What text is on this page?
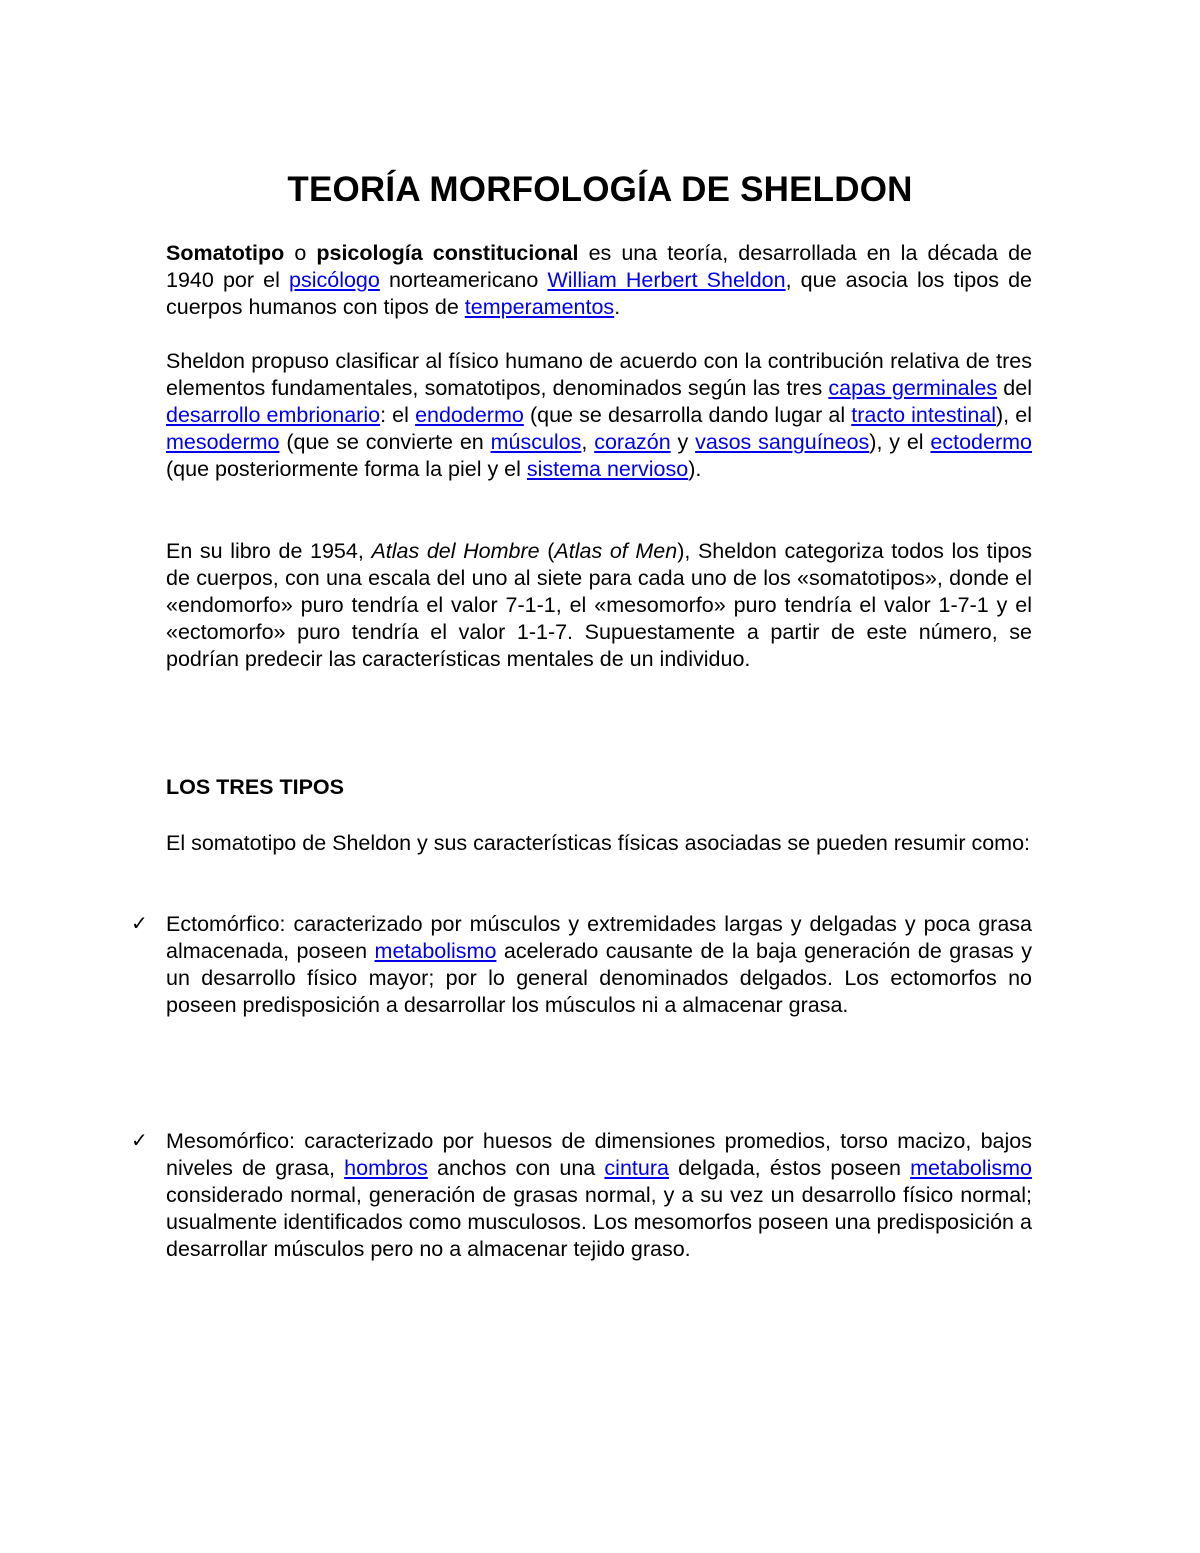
TEORÍA MORFOLOGÍA DE SHELDON
Somatotipo o psicología constitucional es una teoría, desarrollada en la década de 1940 por el psicólogo norteamericano William Herbert Sheldon, que asocia los tipos de cuerpos humanos con tipos de temperamentos.
Sheldon propuso clasificar al físico humano de acuerdo con la contribución relativa de tres elementos fundamentales, somatotipos, denominados según las tres capas germinales del desarrollo embrionario: el endodermo (que se desarrolla dando lugar al tracto intestinal), el mesodermo (que se convierte en músculos, corazón y vasos sanguíneos), y el ectodermo (que posteriormente forma la piel y el sistema nervioso).
En su libro de 1954, Atlas del Hombre (Atlas of Men), Sheldon categoriza todos los tipos de cuerpos, con una escala del uno al siete para cada uno de los «somatotipos», donde el «endomorfo» puro tendría el valor 7-1-1, el «mesomorfo» puro tendría el valor 1-7-1 y el «ectomorfo» puro tendría el valor 1-1-7. Supuestamente a partir de este número, se podrían predecir las características mentales de un individuo.
LOS TRES TIPOS
El somatotipo de Sheldon y sus características físicas asociadas se pueden resumir como:
✓ Ectomórfico: caracterizado por músculos y extremidades largas y delgadas y poca grasa almacenada, poseen metabolismo acelerado causante de la baja generación de grasas y un desarrollo físico mayor; por lo general denominados delgados. Los ectomorfos no poseen predisposición a desarrollar los músculos ni a almacenar grasa.
✓ Mesomórfico: caracterizado por huesos de dimensiones promedios, torso macizo, bajos niveles de grasa, hombros anchos con una cintura delgada, éstos poseen metabolismo considerado normal, generación de grasas normal, y a su vez un desarrollo físico normal; usualmente identificados como musculosos. Los mesomorfos poseen una predisposición a desarrollar músculos pero no a almacenar tejido graso.
